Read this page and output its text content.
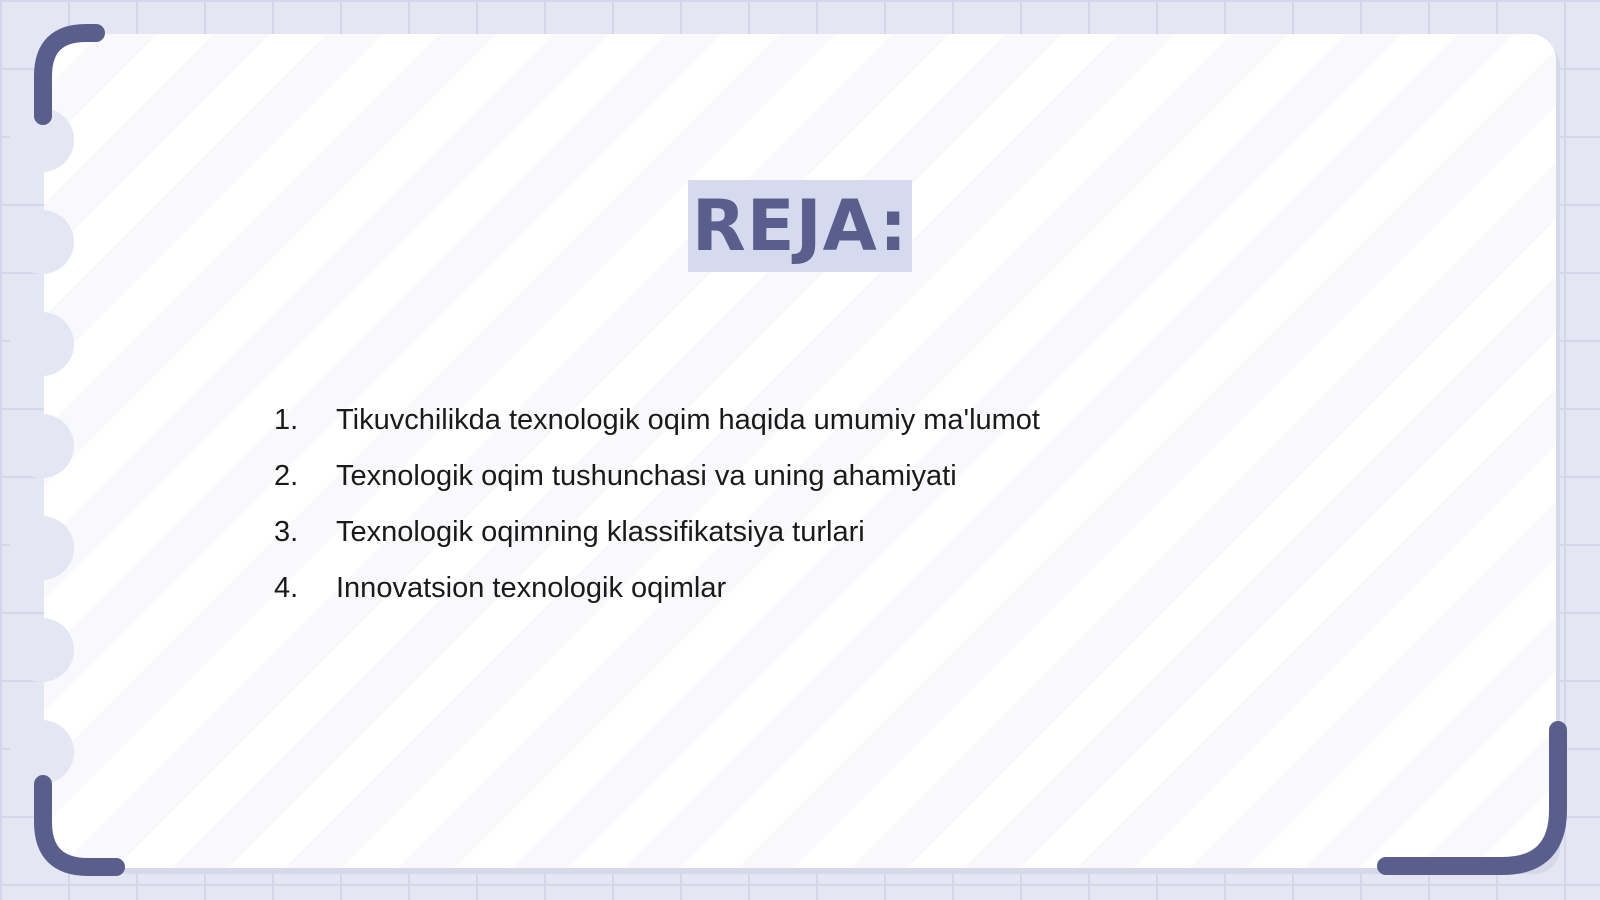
REJA:
1.	Tikuvchilikda texnologik oqim haqida umumiy ma'lumot
2.	Texnologik oqim tushunchasi va uning ahamiyati
3.	Texnologik oqimning klassifikatsiya turlari
4.	Innovatsion texnologik oqimlar
